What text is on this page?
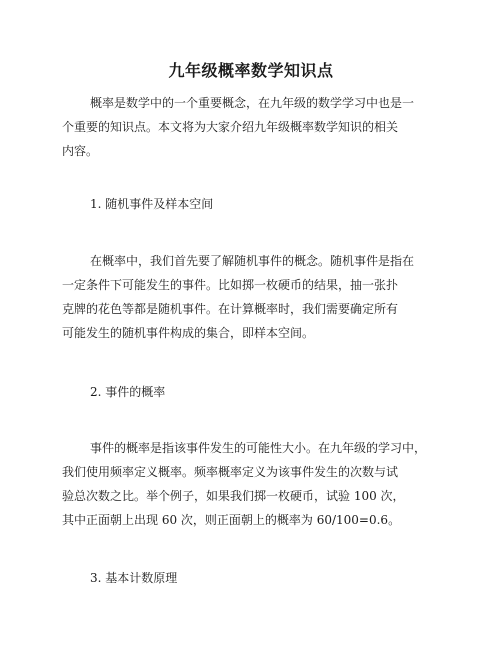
九年级概率数学知识点
概率是数学中的一个重要概念，在九年级的数学学习中也是一
个重要的知识点。本文将为大家介绍九年级概率数学知识的相关
内容。
1. 随机事件及样本空间
在概率中，我们首先要了解随机事件的概念。随机事件是指在
一定条件下可能发生的事件。比如掷一枚硬币的结果，抽一张扑
克牌的花色等都是随机事件。在计算概率时，我们需要确定所有
可能发生的随机事件构成的集合，即样本空间。
2. 事件的概率
事件的概率是指该事件发生的可能性大小。在九年级的学习中，
我们使用频率定义概率。频率概率定义为该事件发生的次数与试
验总次数之比。举个例子，如果我们掷一枚硬币，试验 100 次，
其中正面朝上出现 60 次，则正面朝上的概率为 60/100=0.6。
3. 基本计数原理
